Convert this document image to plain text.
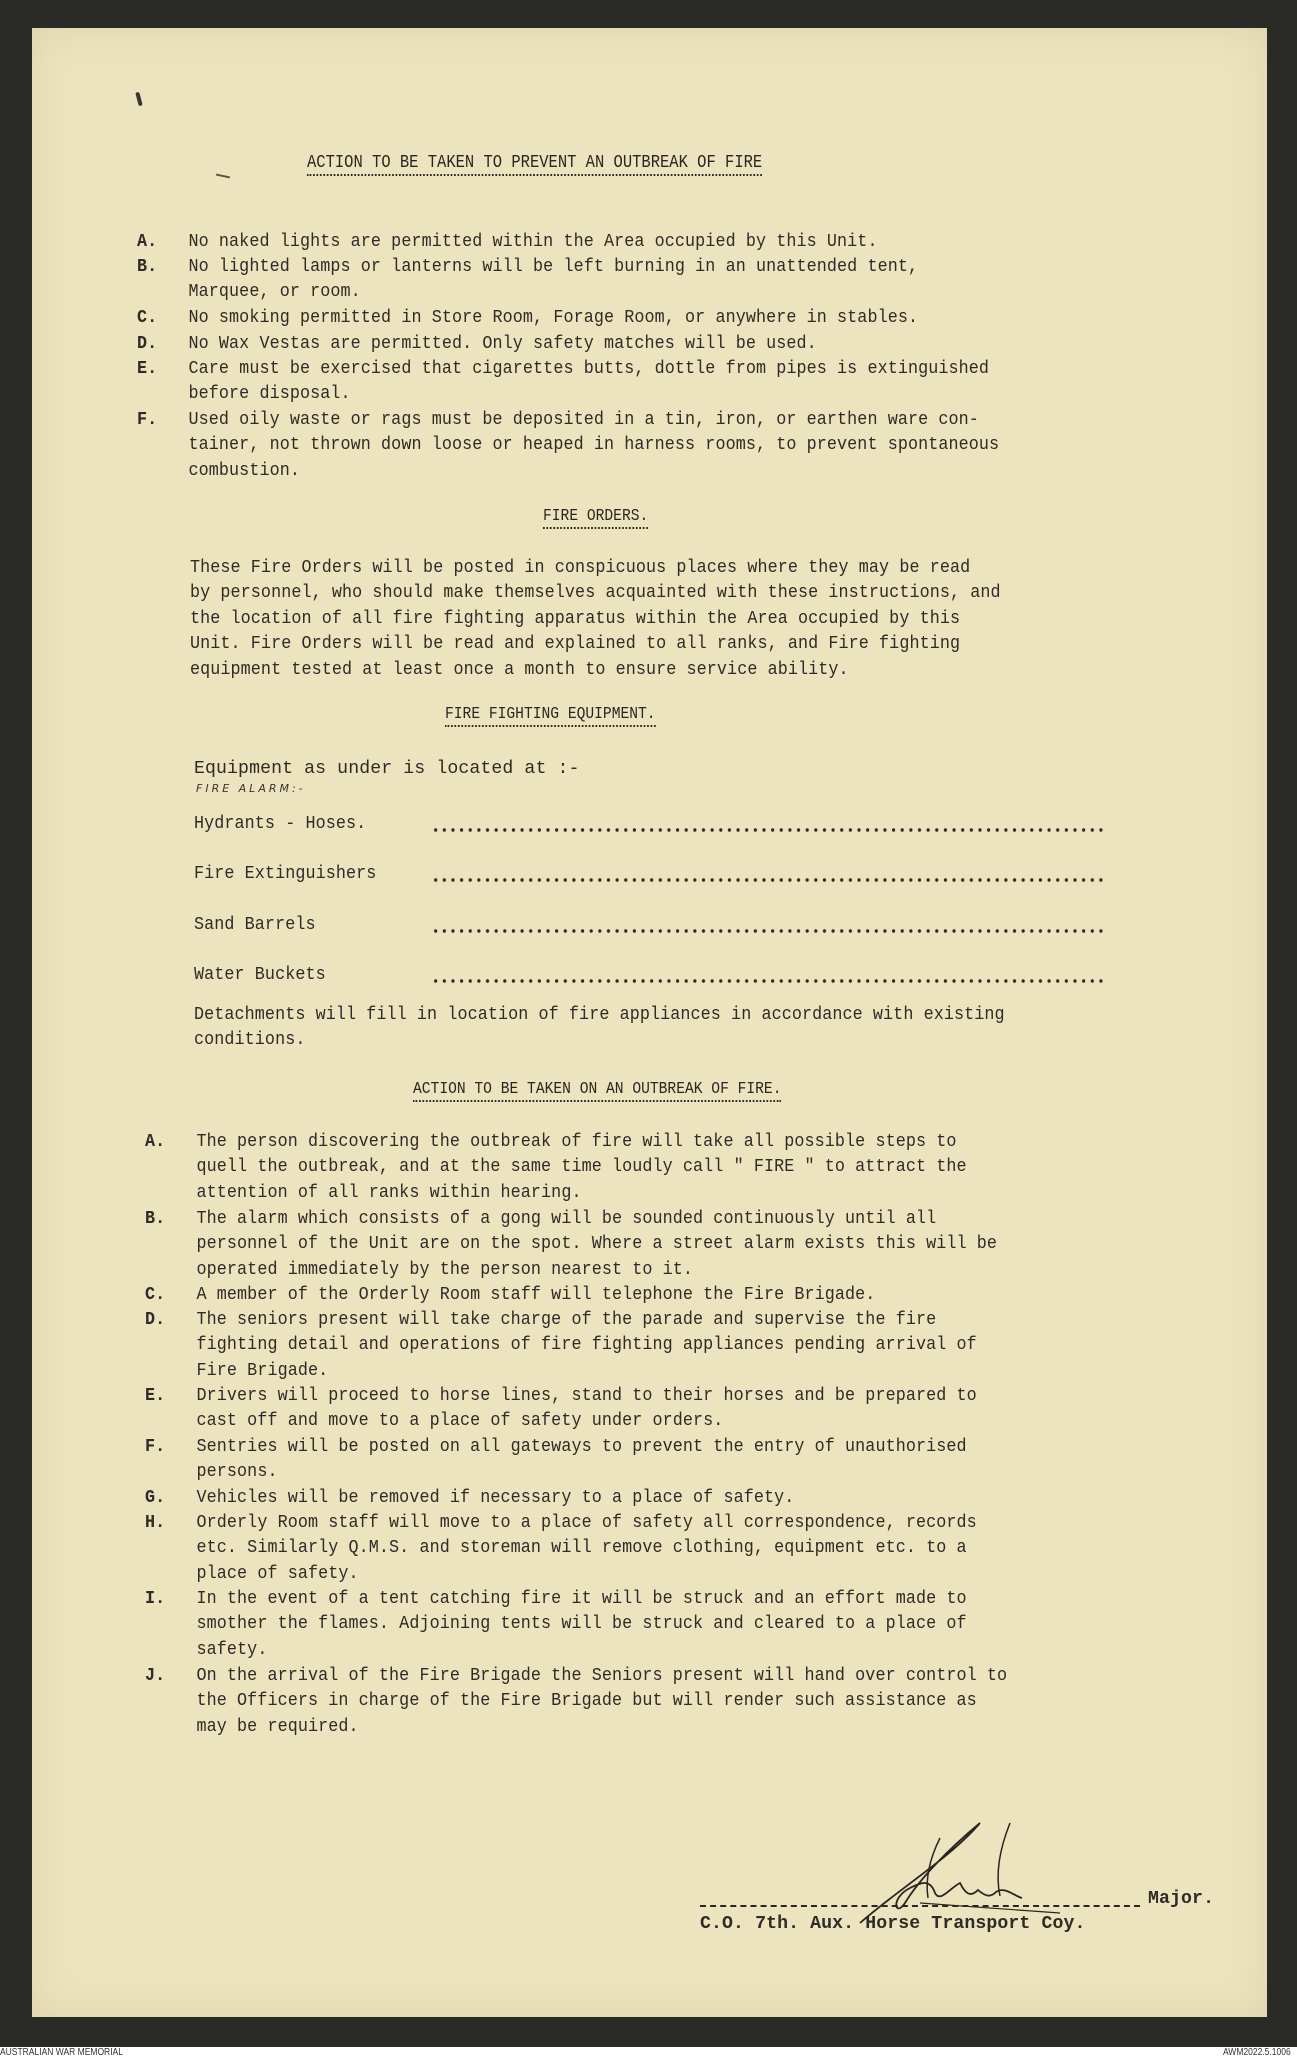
ACTION TO BE TAKEN TO PREVENT AN OUTBREAK OF FIRE
A. No naked lights are permitted within the Area occupied by this Unit.
B. No lighted lamps or lanterns will be left burning in an unattended tent,
Marquee, or room.
C. No smoking permitted in Store Room, Forage Room, or anywhere in stables.
D. No Wax Vestas are permitted. Only safety matches will be used.
E. Care must be exercised that cigarettes butts, dottle from pipes is extinguished
before disposal.
F. Used oily waste or rags must be deposited in a tin, iron, or earthen ware con-
tainer, not thrown down loose or heaped in harness rooms, to prevent spontaneous
combustion.
FIRE ORDERS.
These Fire Orders will be posted in conspicuous places where they may be read
by personnel, who should make themselves acquainted with these instructions, and
the location of all fire fighting apparatus within the Area occupied by this
Unit. Fire Orders will be read and explained to all ranks, and Fire fighting
equipment tested at least once a month to ensure service ability.
FIRE FIGHTING EQUIPMENT.
Equipment as under is located at :-
FIRE ALARM:-
Hydrants - Hoses.
Fire Extinguishers
Sand Barrels
Water Buckets
Detachments will fill in location of fire appliances in accordance with existing
conditions.
ACTION TO BE TAKEN ON AN OUTBREAK OF FIRE.
A. The person discovering the outbreak of fire will take all possible steps to
quell the outbreak, and at the same time loudly call " FIRE " to attract the
attention of all ranks within hearing.
B. The alarm which consists of a gong will be sounded continuously until all
personnel of the Unit are on the spot. Where a street alarm exists this will be
operated immediately by the person nearest to it.
C. A member of the Orderly Room staff will telephone the Fire Brigade.
D. The seniors present will take charge of the parade and supervise the fire
fighting detail and operations of fire fighting appliances pending arrival of
Fire Brigade.
E. Drivers will proceed to horse lines, stand to their horses and be prepared to
cast off and move to a place of safety under orders.
F. Sentries will be posted on all gateways to prevent the entry of unauthorised
persons.
G. Vehicles will be removed if necessary to a place of safety.
H. Orderly Room staff will move to a place of safety all correspondence, records
etc. Similarly Q.M.S. and storeman will remove clothing, equipment etc. to a
place of safety.
I. In the event of a tent catching fire it will be struck and an effort made to
smother the flames. Adjoining tents will be struck and cleared to a place of
safety.
J. On the arrival of the Fire Brigade the Seniors present will hand over control to
the Officers in charge of the Fire Brigade but will render such assistance as
may be required.
Major.
C.O. 7th. Aux. Horse Transport Coy.
AUSTRALIAN WAR MEMORIAL	AWM2022.5.1006
